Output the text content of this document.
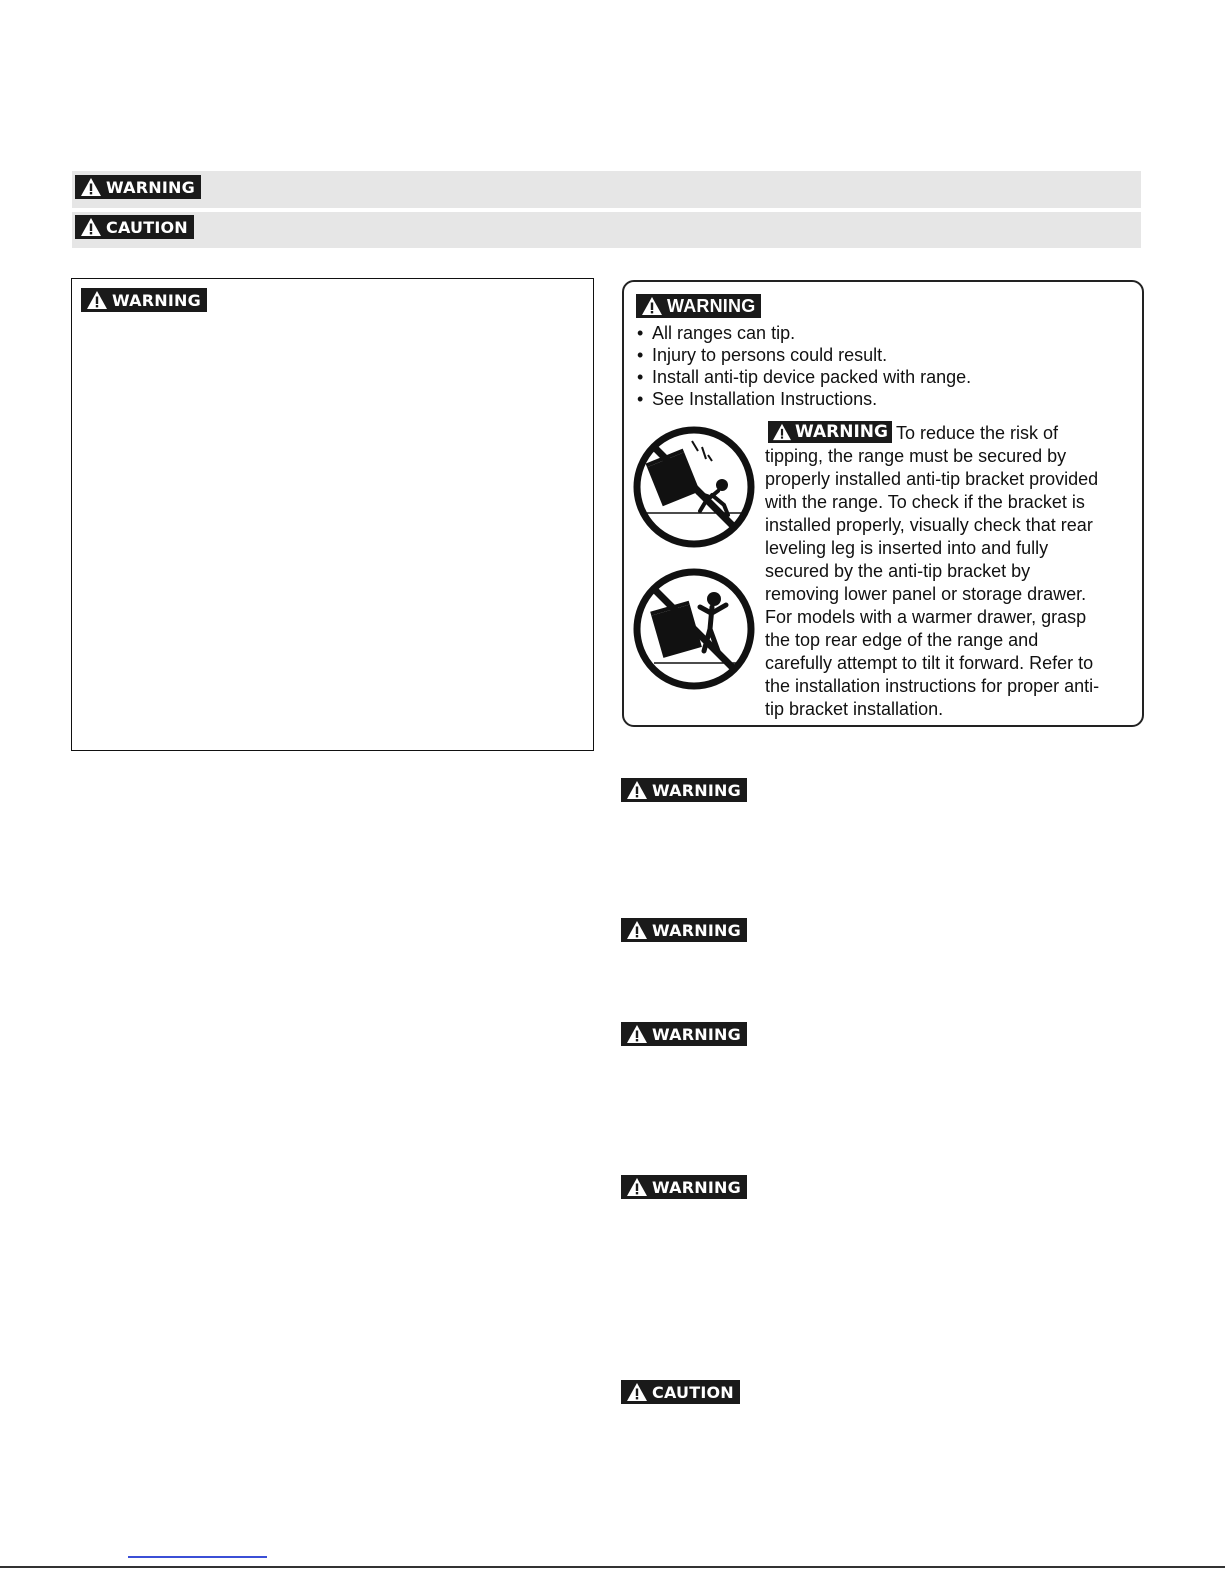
WARNING
CAUTION
WARNING	WARNING
• All ranges can tip.
• Injury to persons could result.
• Install anti-tip device packed with range.
• See Installation Instructions.
WARNING To reduce the risk of
tipping, the range must be secured by
properly installed anti-tip bracket provided
with the range. To check if the bracket is
installed properly, visually check that rear
leveling leg is inserted into and fully
secured by the anti-tip bracket by
removing lower panel or storage drawer.
For models with a warmer drawer, grasp
the top rear edge of the range and
carefully attempt to tilt it forward. Refer to
the installation instructions for proper anti-
tip bracket installation.
WARNING
WARNING
WARNING
WARNING
CAUTION
